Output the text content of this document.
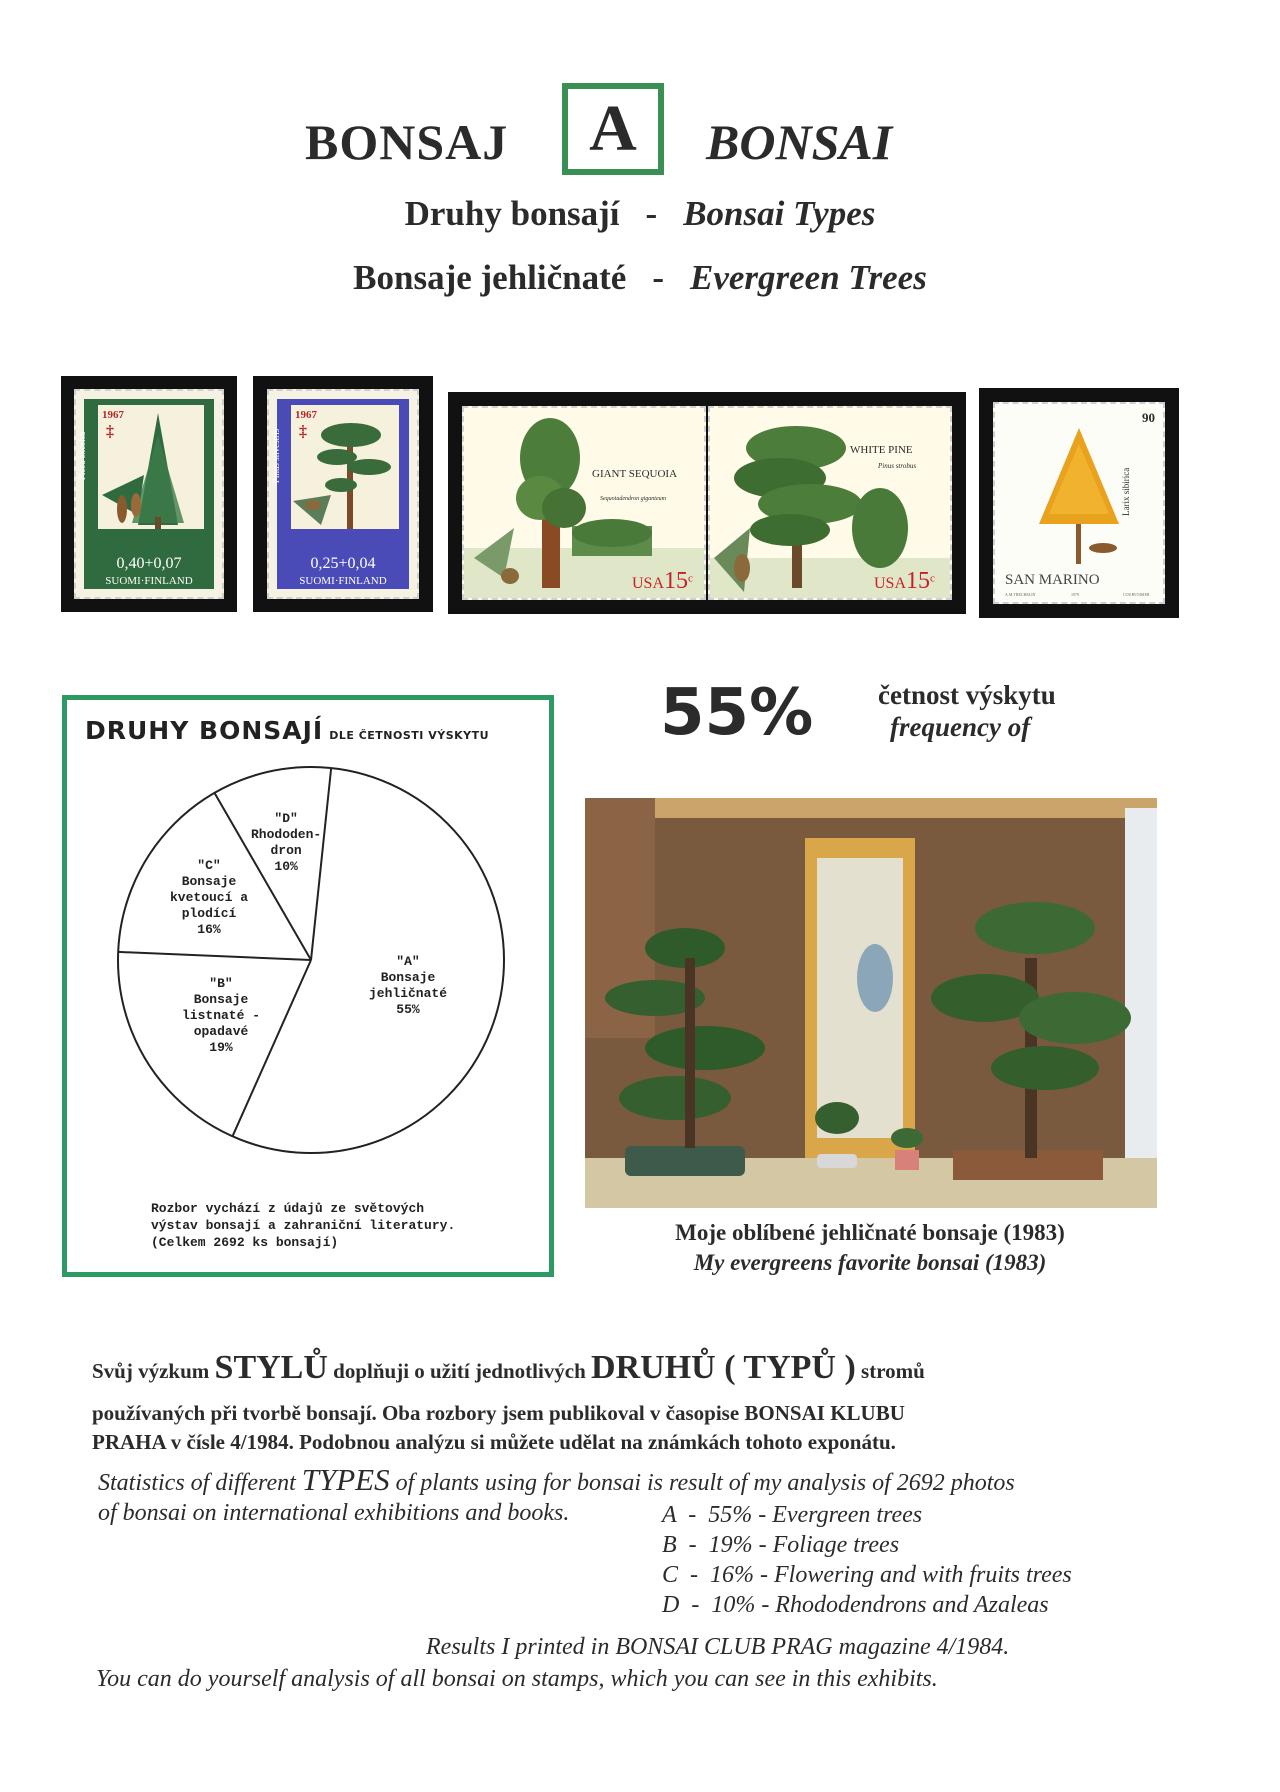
BONSAJ A BONSAI
Druhy bonsají - Bonsai Types
Bonsaje jehličnaté - Evergreen Trees
1967
‡
Picea excelsa
0,40+0,07
SUOMI·FINLAND
1967
‡
Pinus silvestris
0,25+0,04
SUOMI·FINLAND
GIANT SEQUOIA
Sequoiadendron giganteum
USA15$^c$
WHITE PINE
Pinus strobus
USA15$^c$
90
Larix sibirica
SAN MARINO
A.M.TRECHSLIN	1979	COURVOISIER
DRUHY BONSAJÍ DLE ČETNOSTI VÝSKYTU
"A"
Bonsaje
jehličnaté
55%
"B"
Bonsaje
listnaté -
opadavé
19%
"C"
Bonsaje
kvetoucí a
plodící
16%
"D"
Rhododen-
dron
10%
Rozbor vychází z údajů ze světových
výstav bonsají a zahraniční literatury.
(Celkem 2692 ks bonsají)
55% četnost výskytu
frequency of
Moje oblíbené jehličnaté bonsaje (1983)
My evergreens favorite bonsai (1983)
Svůj výzkum STYLŮ doplňuji o užití jednotlivých DRUHŮ ( TYPŮ ) stromů
používaných při tvorbě bonsají. Oba rozbory jsem publikoval v časopise BONSAI KLUBU
PRAHA v čísle 4/1984. Podobnou analýzu si můžete udělat na známkách tohoto exponátu.
Statistics of different TYPES of plants using for bonsai is result of my analysis of 2692 photos
of bonsai on international exhibitions and books.	A  -  55% - Evergreen trees
B  -  19% - Foliage trees
C  -  16% - Flowering and with fruits trees
D  -  10% - Rhododendrons and Azaleas
Results I printed in BONSAI CLUB PRAG magazine 4/1984.
You can do yourself analysis of all bonsai on stamps, which you can see in this exhibits.
